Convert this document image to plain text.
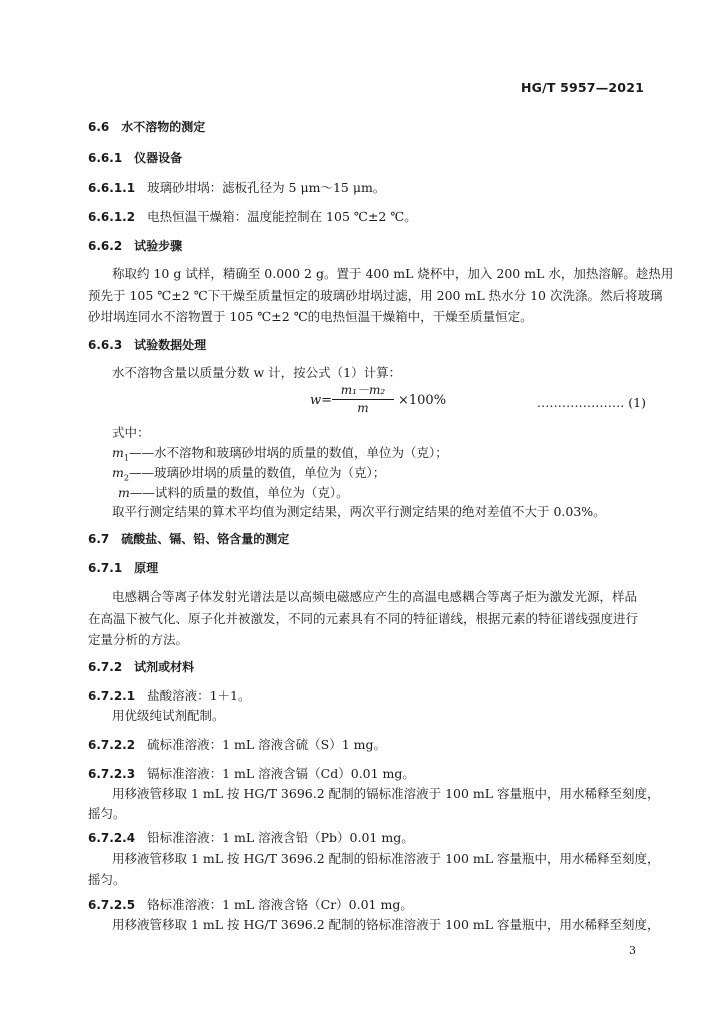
HG/T 5957—2021
6.6 水不溶物的测定
6.6.1 仪器设备
6.6.1.1 玻璃砂坩埚：滤板孔径为 5 μm～15 μm。
6.6.1.2 电热恒温干燥箱：温度能控制在 105 ℃±2 ℃。
6.6.2 试验步骤
称取约 10 g 试样，精确至 0.000 2 g。置于 400 mL 烧杯中，加入 200 mL 水，加热溶解。趁热用
预先于 105 ℃±2 ℃下干燥至质量恒定的玻璃砂坩埚过滤，用 200 mL 热水分 10 次洗涤。然后将玻璃
砂坩埚连同水不溶物置于 105 ℃±2 ℃的电热恒温干燥箱中，干燥至质量恒定。
6.6.3 试验数据处理
水不溶物含量以质量分数 w 计，按公式（1）计算：
w=
m₁－m₂
m	×100%	………………… (1)
式中：
$m_1——$水不溶物和玻璃砂坩埚的质量的数值，单位为（克）；
$m_2——$玻璃砂坩埚的质量的数值，单位为（克）；
m——试料的质量的数值，单位为（克）。
取平行测定结果的算术平均值为测定结果，两次平行测定结果的绝对差值不大于 0.03%。
6.7 硫酸盐、镉、铅、铬含量的测定
6.7.1 原理
电感耦合等离子体发射光谱法是以高频电磁感应产生的高温电感耦合等离子炬为激发光源，样品
在高温下被气化、原子化并被激发，不同的元素具有不同的特征谱线，根据元素的特征谱线强度进行
定量分析的方法。
6.7.2 试剂或材料
6.7.2.1 盐酸溶液：1＋1。
用优级纯试剂配制。
6.7.2.2 硫标准溶液：1 mL 溶液含硫（S）1 mg。
6.7.2.3 镉标准溶液：1 mL 溶液含镉（Cd）0.01 mg。
用移液管移取 1 mL 按 HG/T 3696.2 配制的镉标准溶液于 100 mL 容量瓶中，用水稀释至刻度，
摇匀。
6.7.2.4 铅标准溶液：1 mL 溶液含铅（Pb）0.01 mg。
用移液管移取 1 mL 按 HG/T 3696.2 配制的铅标准溶液于 100 mL 容量瓶中，用水稀释至刻度，
摇匀。
6.7.2.5 铬标准溶液：1 mL 溶液含铬（Cr）0.01 mg。
用移液管移取 1 mL 按 HG/T 3696.2 配制的铬标准溶液于 100 mL 容量瓶中，用水稀释至刻度，
3
